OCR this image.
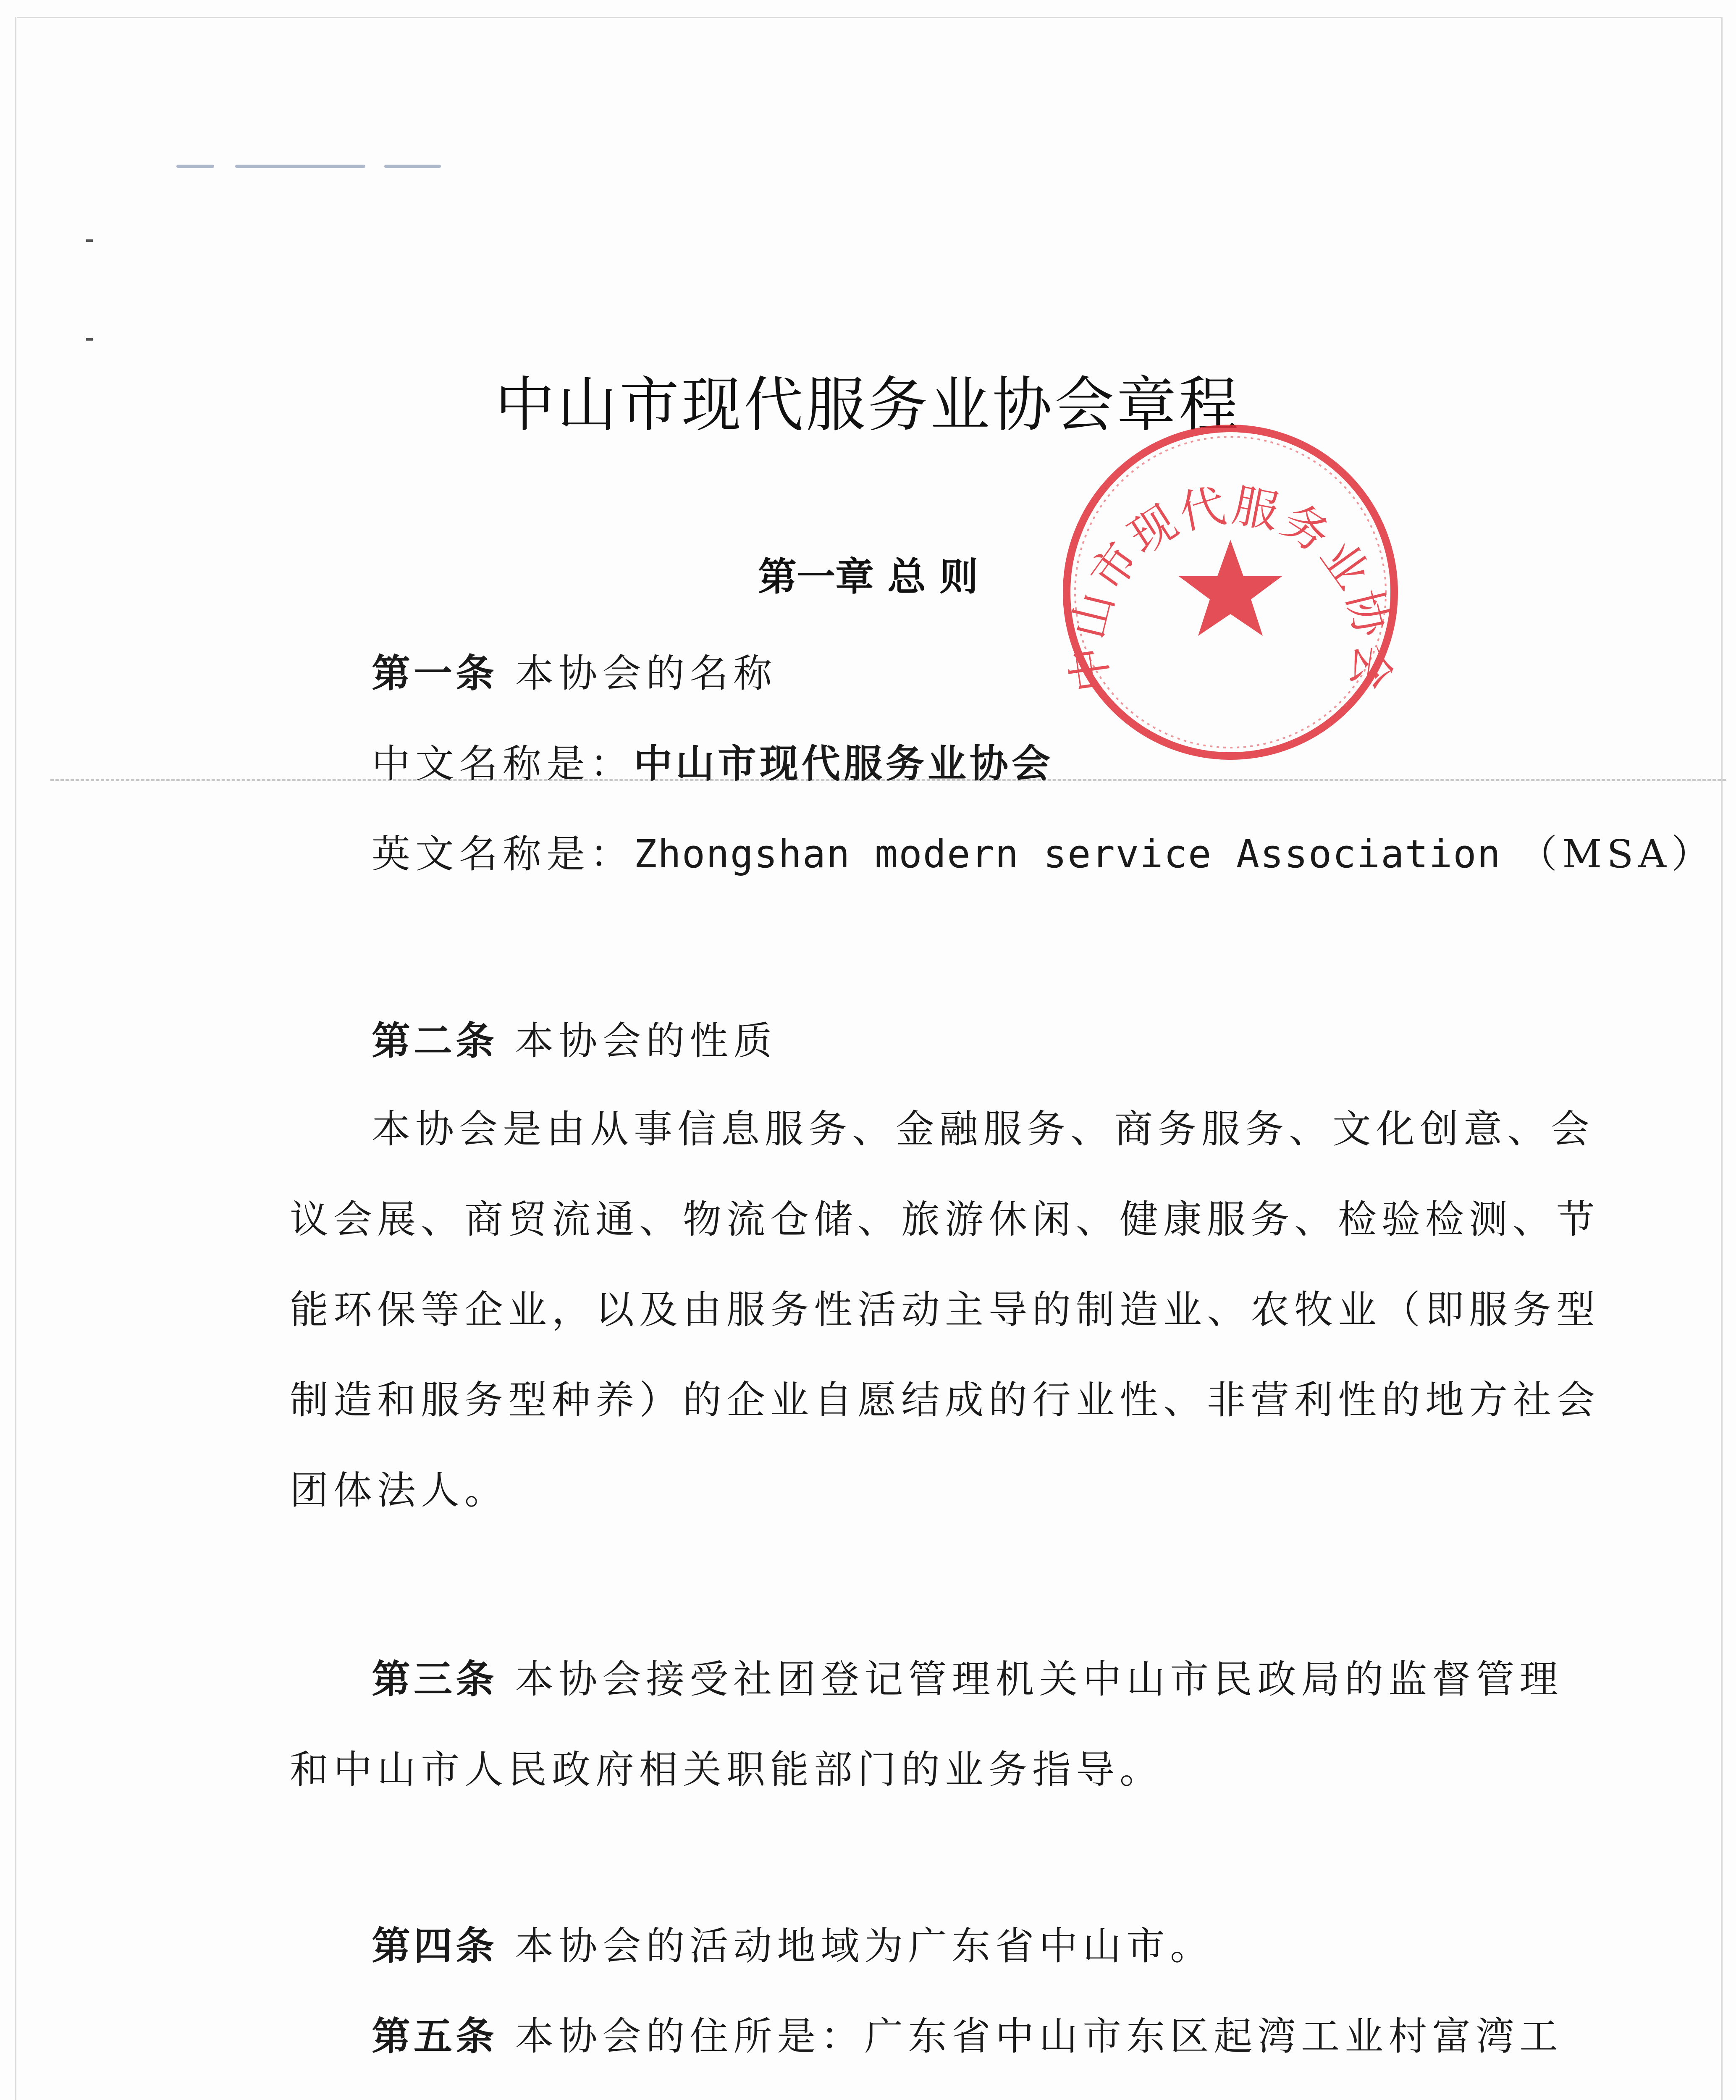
中山市现代服务业协会章程
第一章 总 则
第一条 本协会的名称
中文名称是：中山市现代服务业协会
英文名称是：Zhongshan modern service Association （MSA）
第二条 本协会的性质
本协会是由从事信息服务、金融服务、商务服务、文化创意、会
议会展、商贸流通、物流仓储、旅游休闲、健康服务、检验检测、节
能环保等企业，以及由服务性活动主导的制造业、农牧业（即服务型
制造和服务型种养）的企业自愿结成的行业性、非营利性的地方社会
团体法人。
第三条 本协会接受社团登记管理机关中山市民政局的监督管理
和中山市人民政府相关职能部门的业务指导。
第四条 本协会的活动地域为广东省中山市。
第五条 本协会的住所是：广东省中山市东区起湾工业村富湾工
中山市现代服务业协会
